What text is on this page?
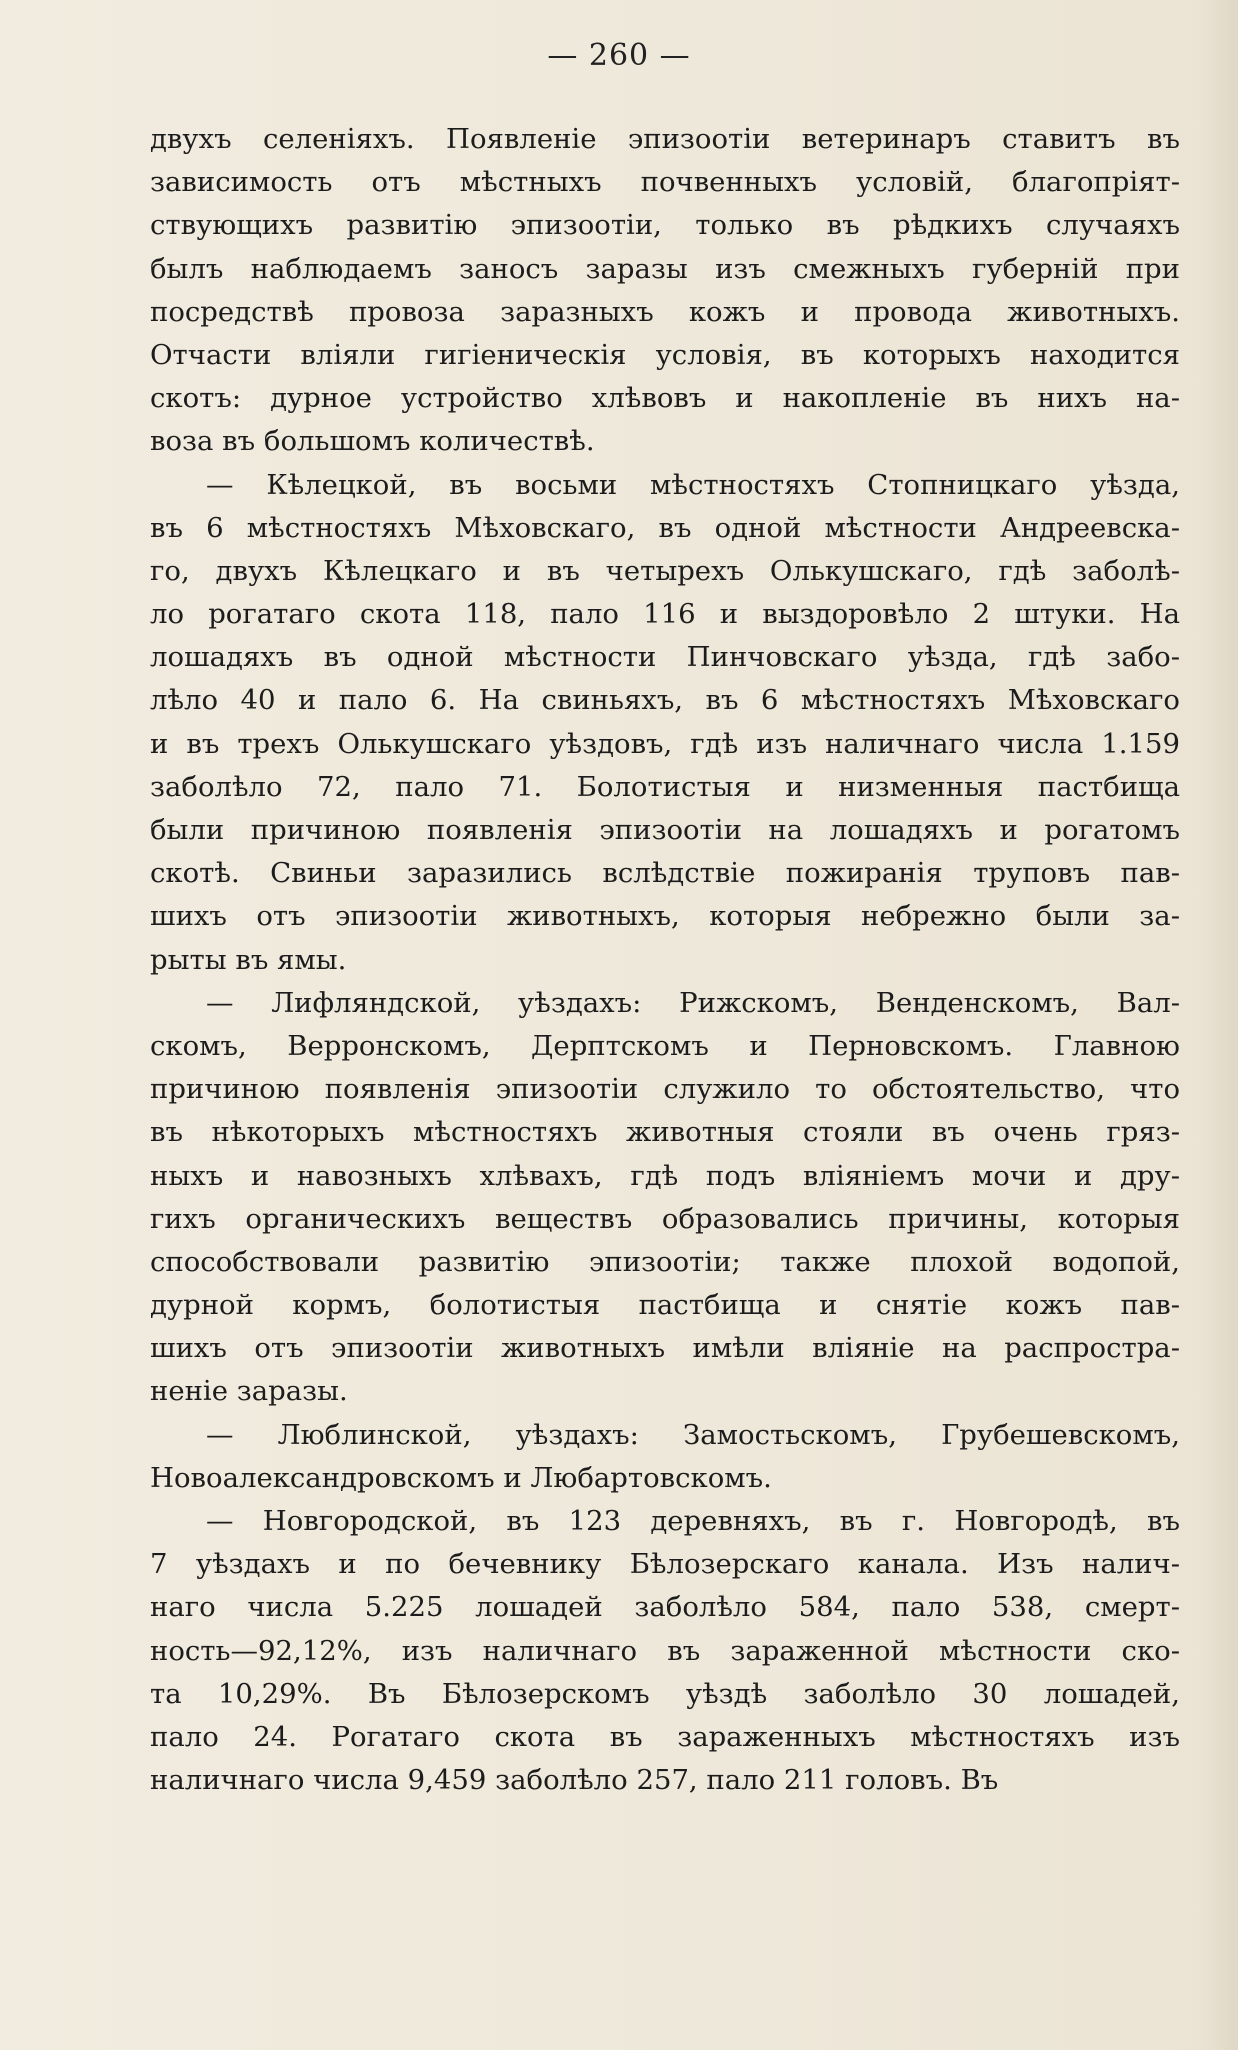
— 260 —
двухъ селеніяхъ. Появленіе эпизоотіи ветеринаръ ставитъ въ
зависимость отъ мѣстныхъ почвенныхъ условій, благопріят-
ствующихъ развитію эпизоотіи, только въ рѣдкихъ случаяхъ
былъ наблюдаемъ заносъ заразы изъ смежныхъ губерній при
посредствѣ провоза заразныхъ кожъ и провода животныхъ.
Отчасти вліяли гигіеническія условія, въ которыхъ находится
скотъ: дурное устройство хлѣвовъ и накопленіе въ нихъ на-
воза въ большомъ количествѣ.
— Кѣлецкой, въ восьми мѣстностяхъ Стопницкаго уѣзда,
въ 6 мѣстностяхъ Мѣховскаго, въ одной мѣстности Андреевска-
го, двухъ Кѣлецкаго и въ четырехъ Олькушскаго, гдѣ заболѣ-
ло рогатаго скота 118, пало 116 и выздоровѣло 2 штуки. На
лошадяхъ въ одной мѣстности Пинчовскаго уѣзда, гдѣ забо-
лѣло 40 и пало 6. На свиньяхъ, въ 6 мѣстностяхъ Мѣховскаго
и въ трехъ Олькушскаго уѣздовъ, гдѣ изъ наличнаго числа 1.159
заболѣло 72, пало 71. Болотистыя и низменныя пастбища
были причиною появленія эпизоотіи на лошадяхъ и рогатомъ
скотѣ. Свиньи заразились вслѣдствіе пожиранія труповъ пав-
шихъ отъ эпизоотіи животныхъ, которыя небрежно были за-
рыты въ ямы.
— Лифляндской, уѣздахъ: Рижскомъ, Венденскомъ, Вал-
скомъ, Верронскомъ, Дерптскомъ и Перновскомъ. Главною
причиною появленія эпизоотіи служило то обстоятельство, что
въ нѣкоторыхъ мѣстностяхъ животныя стояли въ очень гряз-
ныхъ и навозныхъ хлѣвахъ, гдѣ подъ вліяніемъ мочи и дру-
гихъ органическихъ веществъ образовались причины, которыя
способствовали развитію эпизоотіи; также плохой водопой,
дурной кормъ, болотистыя пастбища и снятіе кожъ пав-
шихъ отъ эпизоотіи животныхъ имѣли вліяніе на распростра-
неніе заразы.
— Люблинской, уѣздахъ: Замостьскомъ, Грубешевскомъ,
Новоалександровскомъ и Любартовскомъ.
— Новгородской, въ 123 деревняхъ, въ г. Новгородѣ, въ
7 уѣздахъ и по бечевнику Бѣлозерскаго канала. Изъ налич-
наго числа 5.225 лошадей заболѣло 584, пало 538, смерт-
ность—92,12%, изъ наличнаго въ зараженной мѣстности ско-
та 10,29%. Въ Бѣлозерскомъ уѣздѣ заболѣло 30 лошадей,
пало 24. Рогатаго скота въ зараженныхъ мѣстностяхъ изъ
наличнаго числа 9,459 заболѣло 257, пало 211 головъ. Въ
